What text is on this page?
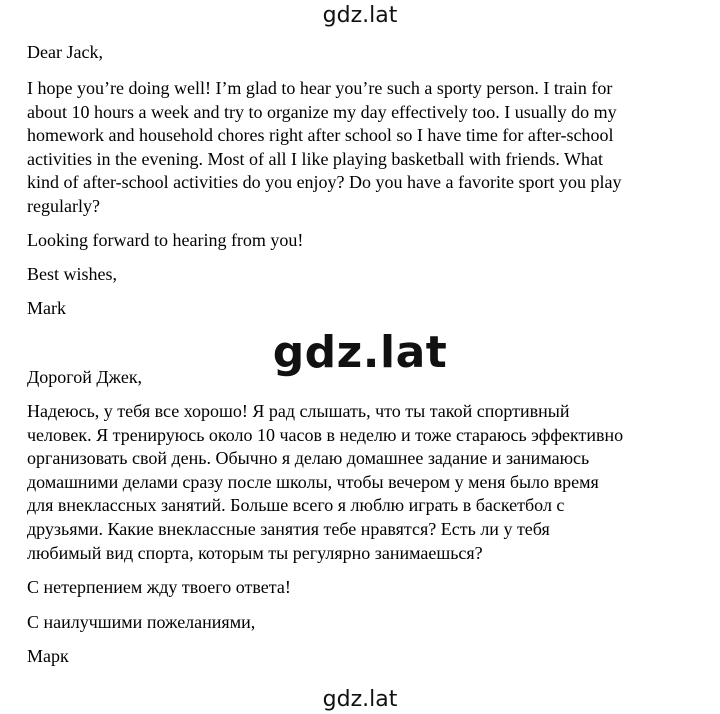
gdz.lat

Dear Jack,

I hope you’re doing well! I’m glad to hear you’re such a sporty person. I train for
about 10 hours a week and try to organize my day effectively too. I usually do my
homework and household chores right after school so I have time for after-school
activities in the evening. Most of all I like playing basketball with friends. What
kind of after-school activities do you enjoy? Do you have a favorite sport you play
regularly?

Looking forward to hearing from you!

Best wishes,

Mark

gdz.lat

Дорогой Джек,

Надеюсь, у тебя все хорошо! Я рад слышать, что ты такой спортивный
человек. Я тренируюсь около 10 часов в неделю и тоже стараюсь эффективно
организовать свой день. Обычно я делаю домашнее задание и занимаюсь
домашними делами сразу после школы, чтобы вечером у меня было время
для внеклассных занятий. Больше всего я люблю играть в баскетбол с
друзьями. Какие внеклассные занятия тебе нравятся? Есть ли у тебя
любимый вид спорта, которым ты регулярно занимаешься?

С нетерпением жду твоего ответа!

С наилучшими пожеланиями,

Марк

gdz.lat
